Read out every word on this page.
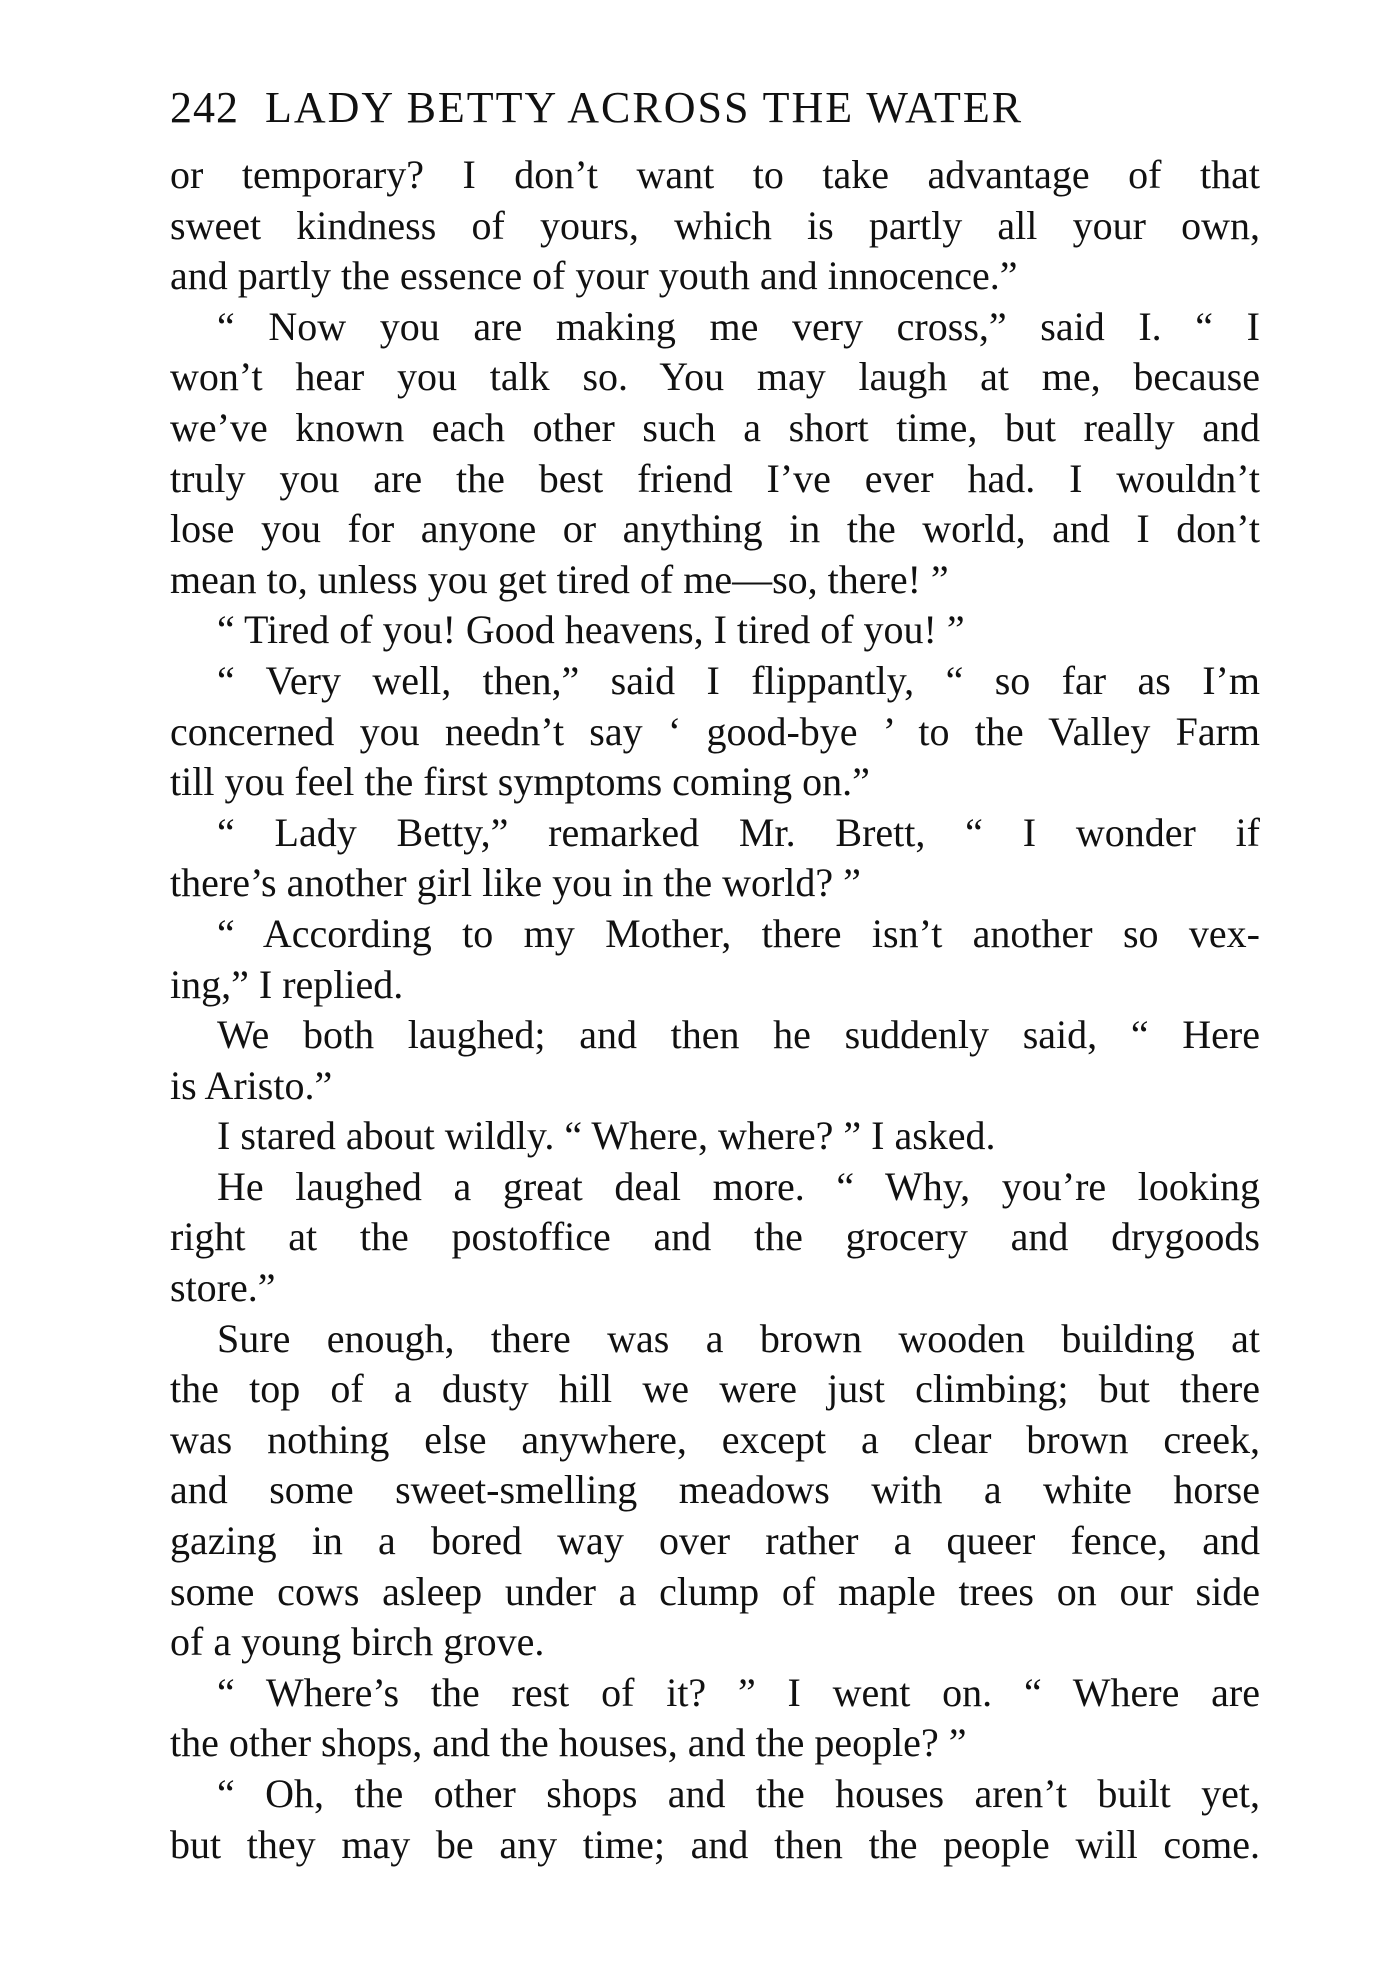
242 LADY BETTY ACROSS THE WATER
or temporary? I don’t want to take advantage of that
sweet kindness of yours, which is partly all your own,
and partly the essence of your youth and innocence.”
“ Now you are making me very cross,” said I. “ I
won’t hear you talk so. You may laugh at me, because
we’ve known each other such a short time, but really and
truly you are the best friend I’ve ever had. I wouldn’t
lose you for anyone or anything in the world, and I don’t
mean to, unless you get tired of me—so, there! ”
“ Tired of you! Good heavens, I tired of you! ”
“ Very well, then,” said I flippantly, “ so far as I’m
concerned you needn’t say ‘ good-bye ’ to the Valley Farm
till you feel the first symptoms coming on.”
“ Lady Betty,” remarked Mr. Brett, “ I wonder if
there’s another girl like you in the world? ”
“ According to my Mother, there isn’t another so vex-
ing,” I replied.
We both laughed; and then he suddenly said, “ Here
is Aristo.”
I stared about wildly. “ Where, where? ” I asked.
He laughed a great deal more. “ Why, you’re looking
right at the postoffice and the grocery and drygoods
store.”
Sure enough, there was a brown wooden building at
the top of a dusty hill we were just climbing; but there
was nothing else anywhere, except a clear brown creek,
and some sweet-smelling meadows with a white horse
gazing in a bored way over rather a queer fence, and
some cows asleep under a clump of maple trees on our side
of a young birch grove.
“ Where’s the rest of it? ” I went on. “ Where are
the other shops, and the houses, and the people? ”
“ Oh, the other shops and the houses aren’t built yet,
but they may be any time; and then the people will come.
